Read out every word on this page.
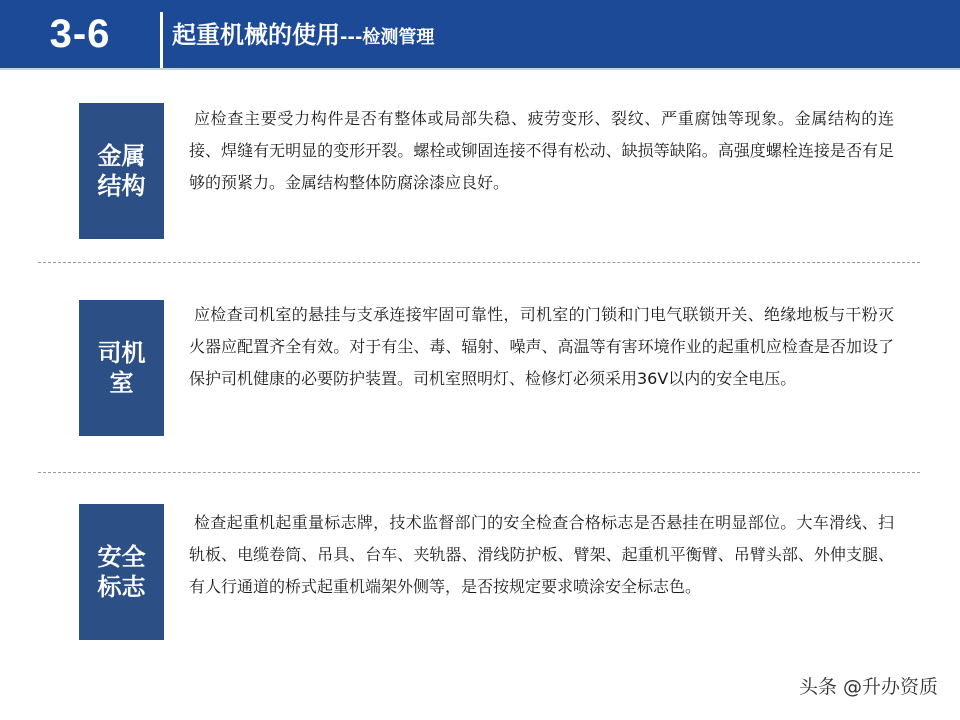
3-6	起重机械的使用---检测管理
金属结构
应检查主要受力构件是否有整体或局部失稳、疲劳变形、裂纹、严重腐蚀等现象。金属结构的连接、焊缝有无明显的变形开裂。螺栓或铆固连接不得有松动、缺损等缺陷。高强度螺栓连接是否有足够的预紧力。金属结构整体防腐涂漆应良好。
司机室
应检查司机室的悬挂与支承连接牢固可靠性，司机室的门锁和门电气联锁开关、绝缘地板与干粉灭火器应配置齐全有效。对于有尘、毒、辐射、噪声、高温等有害环境作业的起重机应检查是否加设了保护司机健康的必要防护装置。司机室照明灯、检修灯必须采用36V以内的安全电压。
安全标志
检查起重机起重量标志牌，技术监督部门的安全检查合格标志是否悬挂在明显部位。大车滑线、扫轨板、电缆卷筒、吊具、台车、夹轨器、滑线防护板、臂架、起重机平衡臂、吊臂头部、外伸支腿、有人行通道的桥式起重机端架外侧等，是否按规定要求喷涂安全标志色。
头条 @升办资质
